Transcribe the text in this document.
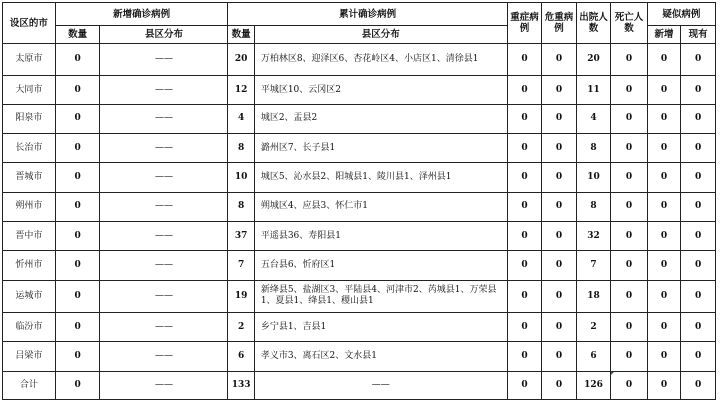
设区的市	新增确诊病例		累计确诊病例		重症病例	危重病例	出院人数	死亡人数	疑似病例	
	数量	县区分布	数量	县区分布					新增	现有
太原市	0	——	20	万柏林区8、迎泽区6、杏花岭区4、小店区1、清徐县1	0	0	20	0	0	0
大同市	0	——	12	平城区10、云冈区2	0	0	11	0	0	0
阳泉市	0	——	4	城区2、盂县2	0	0	4	0	0	0
长治市	0	——	8	潞州区7、长子县1	0	0	8	0	0	0
晋城市	0	——	10	城区5、沁水县2、阳城县1、陵川县1、泽州县1	0	0	10	0	0	0
朔州市	0	——	8	朔城区4、应县3、怀仁市1	0	0	8	0	0	0
晋中市	0	——	37	平遥县36、寿阳县1	0	0	32	0	0	0
忻州市	0	——	7	五台县6、忻府区1	0	0	7	0	0	0
运城市	0	——	19	新绛县5、盐湖区3、平陆县4、河津市2、芮城县1、万荣县1、夏县1、绛县1、稷山县1	0	0	18	0	0	0
临汾市	0	——	2	乡宁县1、吉县1	0	0	2	0	0	0
吕梁市	0	——	6	孝义市3、离石区2、文水县1	0	0	6	0	0	0
合计	0	——	133	——	0	0	126	0	0	0
